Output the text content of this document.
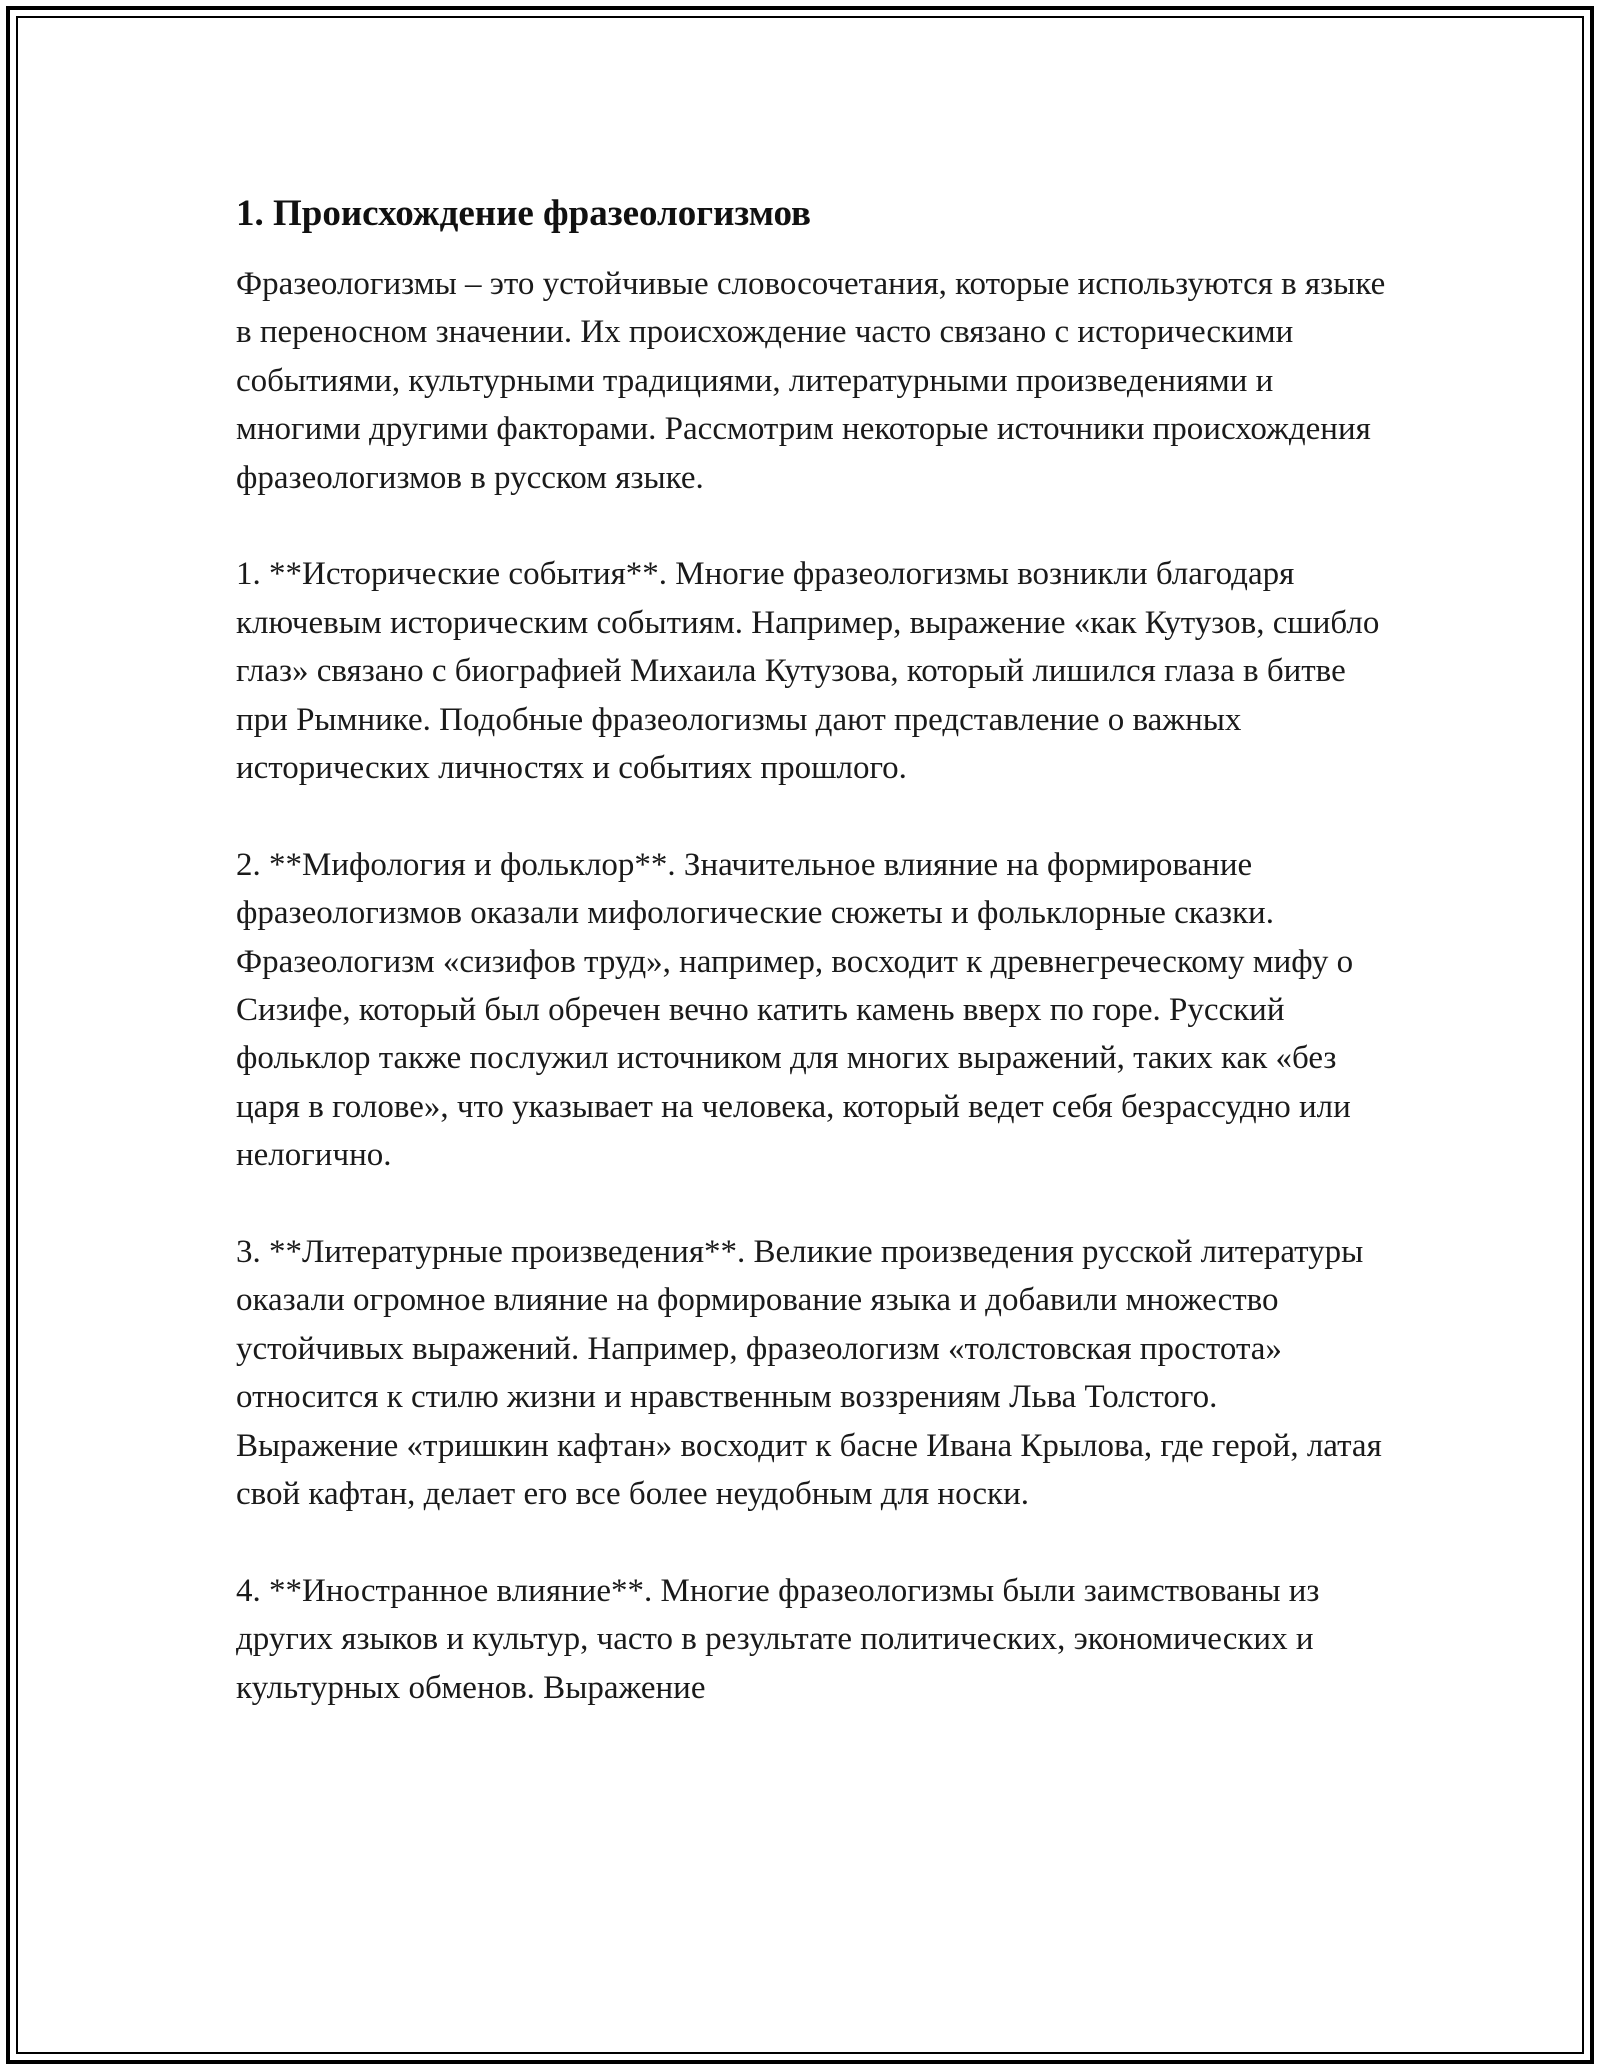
1. Происхождение фразеологизмов

Фразеологизмы – это устойчивые словосочетания, которые используются в языке в переносном значении. Их происхождение часто связано с историческими событиями, культурными традициями, литературными произведениями и многими другими факторами. Рассмотрим некоторые источники происхождения фразеологизмов в русском языке.

1. **Исторические события**. Многие фразеологизмы возникли благодаря ключевым историческим событиям. Например, выражение «как Кутузов, сшибло глаз» связано с биографией Михаила Кутузова, который лишился глаза в битве при Рымнике. Подобные фразеологизмы дают представление о важных исторических личностях и событиях прошлого.

2. **Мифология и фольклор**. Значительное влияние на формирование фразеологизмов оказали мифологические сюжеты и фольклорные сказки. Фразеологизм «сизифов труд», например, восходит к древнегреческому мифу о Сизифе, который был обречен вечно катить камень вверх по горе. Русский фольклор также послужил источником для многих выражений, таких как «без царя в голове», что указывает на человека, который ведет себя безрассудно или нелогично.

3. **Литературные произведения**. Великие произведения русской литературы оказали огромное влияние на формирование языка и добавили множество устойчивых выражений. Например, фразеологизм «толстовская простота» относится к стилю жизни и нравственным воззрениям Льва Толстого. Выражение «тришкин кафтан» восходит к басне Ивана Крылова, где герой, латая свой кафтан, делает его все более неудобным для носки.

4. **Иностранное влияние**. Многие фразеологизмы были заимствованы из других языков и культур, часто в результате политических, экономических и культурных обменов. Выражение
